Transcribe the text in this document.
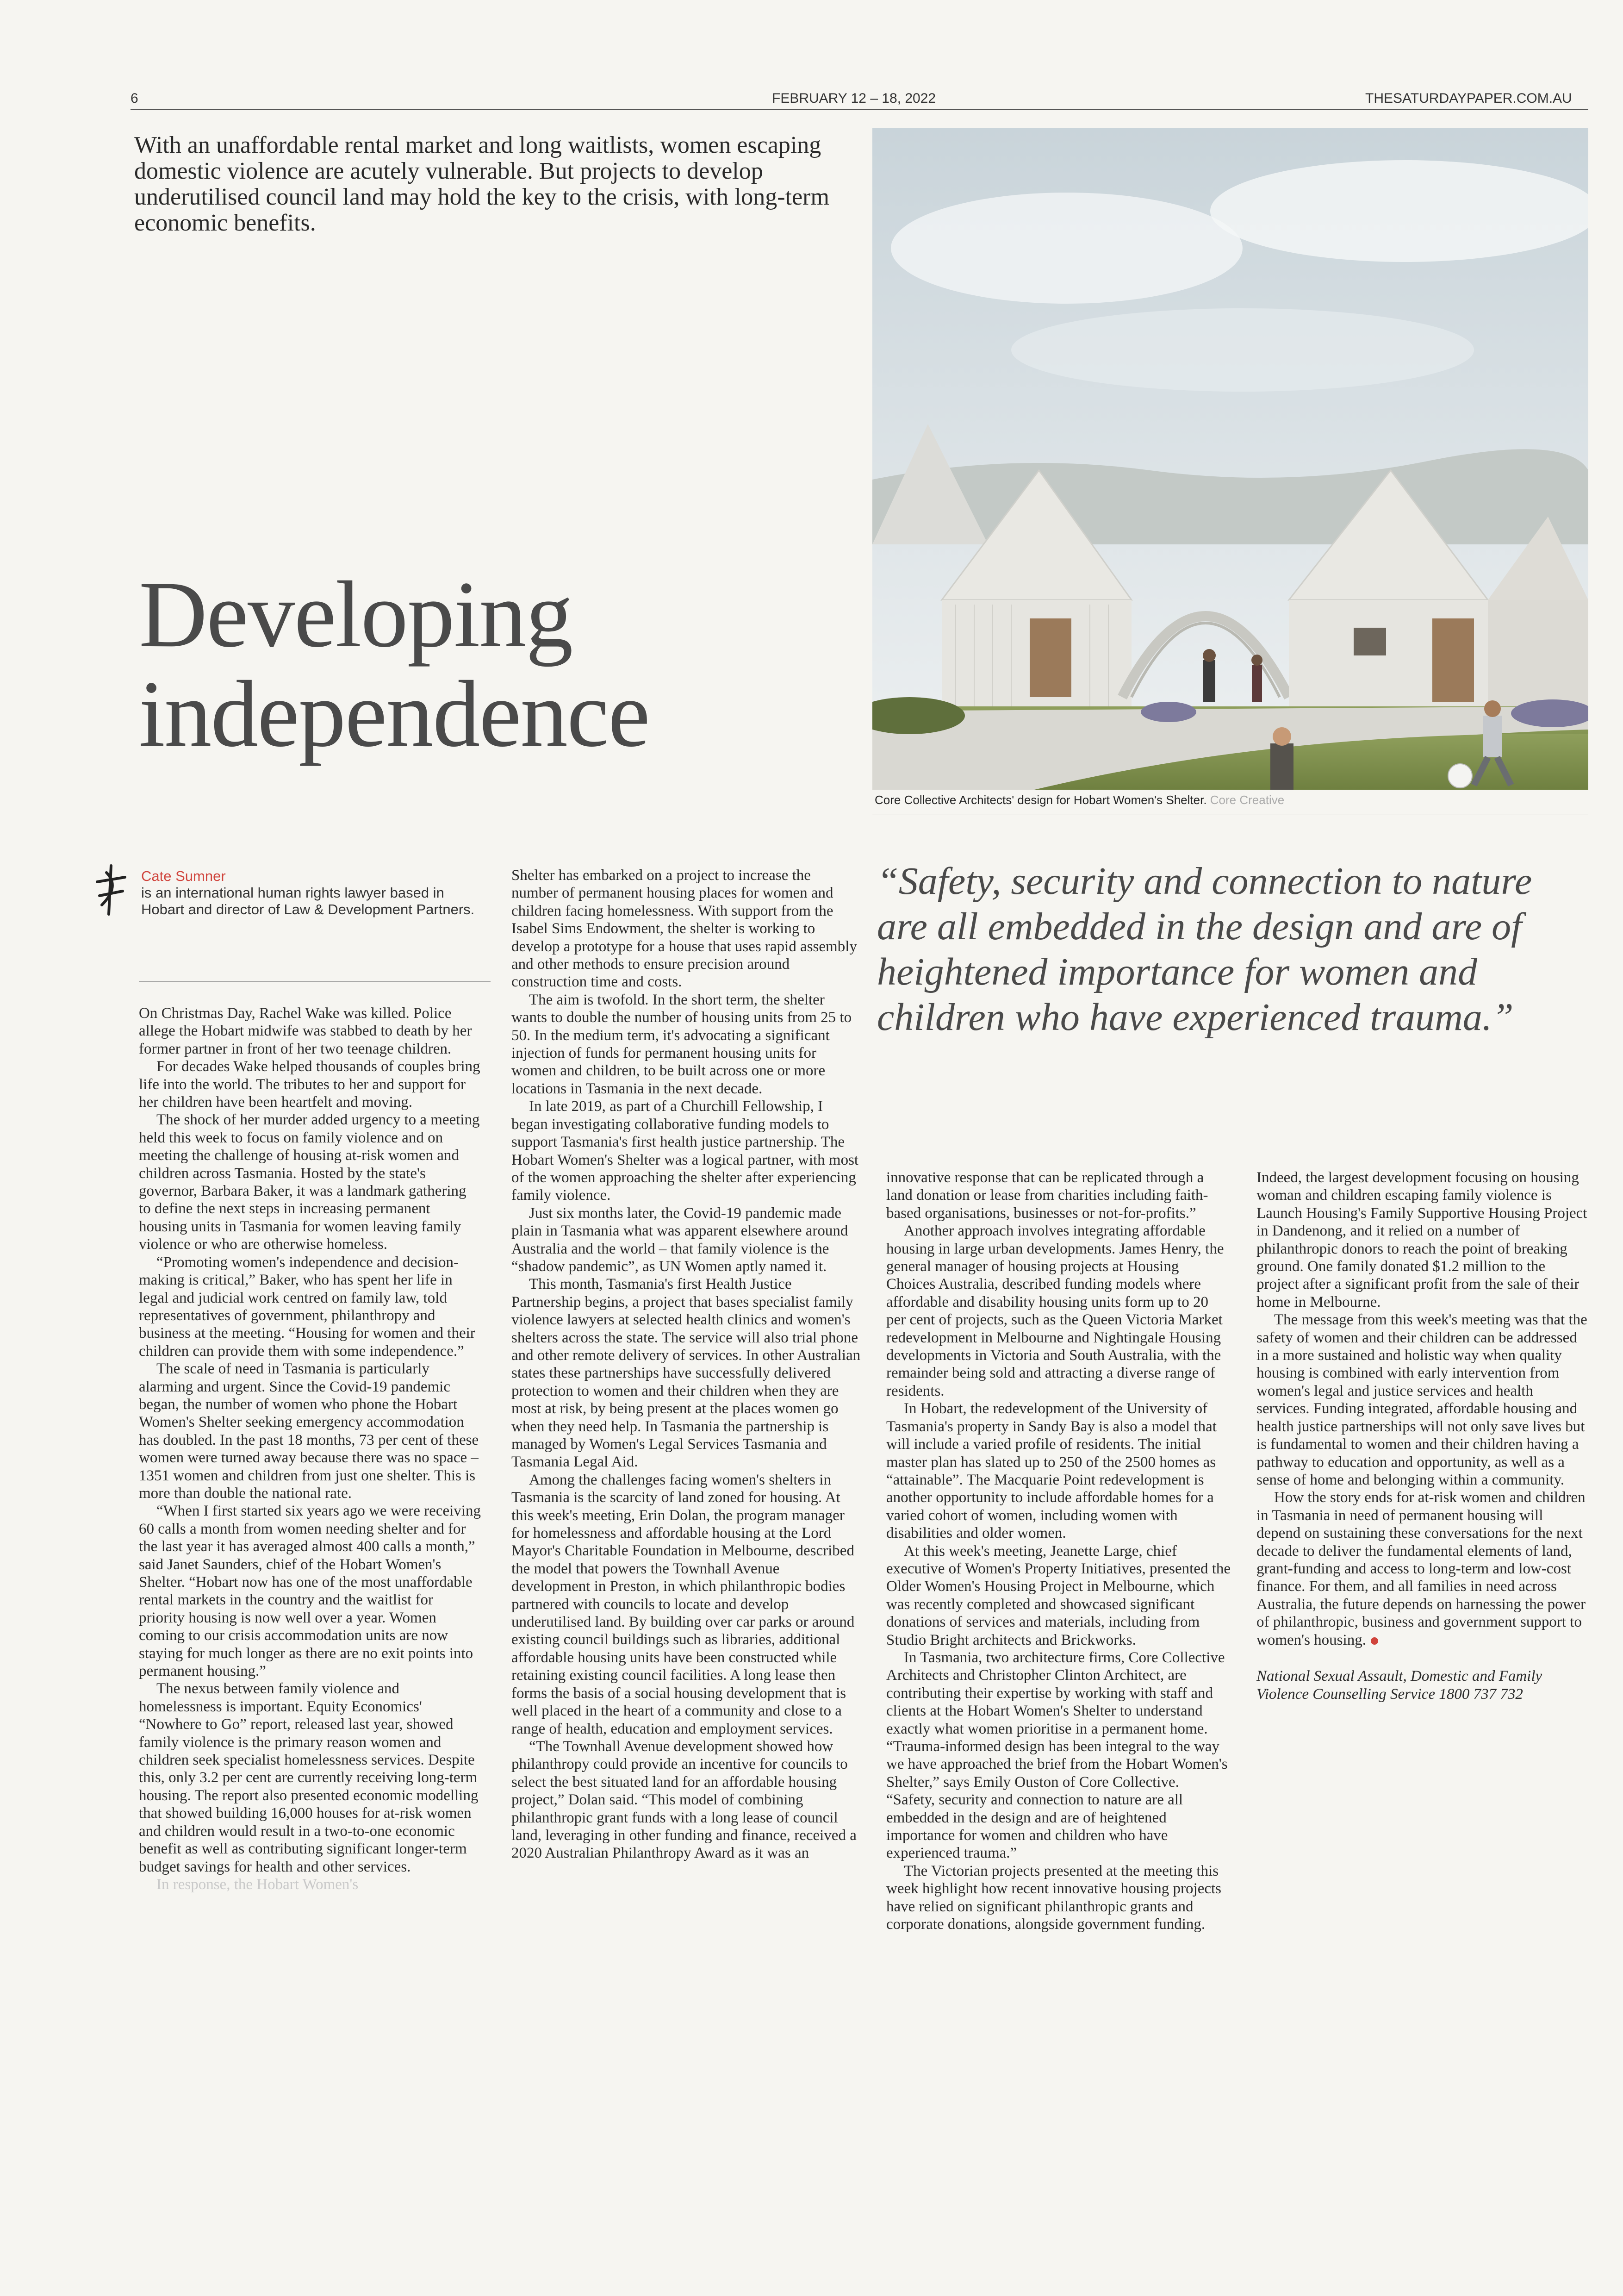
6	FEBRUARY 12 – 18, 2022	THESATURDAYPAPER.COM.AU
With an unaffordable rental market and long waitlists, women escaping domestic violence are acutely vulnerable. But projects to develop underutilised council land may hold the key to the crisis, with long-term economic benefits.
Developing
independence
Core Collective Architects' design for Hobart Women's Shelter. Core Creative
Cate Sumner
is an international human rights lawyer based in Hobart and director of Law & Development Partners.

On Christmas Day, Rachel Wake was killed. Police allege the Hobart midwife was stabbed to death by her former partner in front of her two teenage children.

For decades Wake helped thousands of couples bring life into the world. The tributes to her and support for her children have been heartfelt and moving.

The shock of her murder added urgency to a meeting held this week to focus on family violence and on meeting the challenge of housing at-risk women and children across Tasmania. Hosted by the state's governor, Barbara Baker, it was a landmark gathering to define the next steps in increasing permanent housing units in Tasmania for women leaving family violence or who are otherwise homeless.

“Promoting women's independence and decision-making is critical,” Baker, who has spent her life in legal and judicial work centred on family law, told representatives of government, philanthropy and business at the meeting. “Housing for women and their children can provide them with some independence.”

The scale of need in Tasmania is particularly alarming and urgent. Since the Covid-19 pandemic began, the number of women who phone the Hobart Women's Shelter seeking emergency accommodation has doubled. In the past 18 months, 73 per cent of these women were turned away because there was no space – 1351 women and children from just one shelter. This is more than double the national rate.

“When I first started six years ago we were receiving 60 calls a month from women needing shelter and for the last year it has averaged almost 400 calls a month,” said Janet Saunders, chief of the Hobart Women's Shelter. “Hobart now has one of the most unaffordable rental markets in the country and the waitlist for priority housing is now well over a year. Women coming to our crisis accommodation units are now staying for much longer as there are no exit points into permanent housing.”

The nexus between family violence and homelessness is important. Equity Economics' “Nowhere to Go” report, released last year, showed family violence is the primary reason women and children seek specialist homelessness services. Despite this, only 3.2 per cent are currently receiving long-term housing. The report also presented economic modelling that showed building 16,000 houses for at-risk women and children would result in a two-to-one economic benefit as well as contributing significant longer-term budget savings for health and other services.

In response, the Hobart Women's

Shelter has embarked on a project to increase the number of permanent housing places for women and children facing homelessness. With support from the Isabel Sims Endowment, the shelter is working to develop a prototype for a house that uses rapid assembly and other methods to ensure precision around construction time and costs.

The aim is twofold. In the short term, the shelter wants to double the number of housing units from 25 to 50. In the medium term, it's advocating a significant injection of funds for permanent housing units for women and children, to be built across one or more locations in Tasmania in the next decade.

In late 2019, as part of a Churchill Fellowship, I began investigating collaborative funding models to support Tasmania's first health justice partnership. The Hobart Women's Shelter was a logical partner, with most of the women approaching the shelter after experiencing family violence.

Just six months later, the Covid-19 pandemic made plain in Tasmania what was apparent elsewhere around Australia and the world – that family violence is the “shadow pandemic”, as UN Women aptly named it.

This month, Tasmania's first Health Justice Partnership begins, a project that bases specialist family violence lawyers at selected health clinics and women's shelters across the state. The service will also trial phone and other remote delivery of services. In other Australian states these partnerships have successfully delivered protection to women and their children when they are most at risk, by being present at the places women go when they need help. In Tasmania the partnership is managed by Women's Legal Services Tasmania and Tasmania Legal Aid.

Among the challenges facing women's shelters in Tasmania is the scarcity of land zoned for housing. At this week's meeting, Erin Dolan, the program manager for homelessness and affordable housing at the Lord Mayor's Charitable Foundation in Melbourne, described the model that powers the Townhall Avenue development in Preston, in which philanthropic bodies partnered with councils to locate and develop underutilised land. By building over car parks or around existing council buildings such as libraries, additional affordable housing units have been constructed while retaining existing council facilities. A long lease then forms the basis of a social housing development that is well placed in the heart of a community and close to a range of health, education and employment services.

“The Townhall Avenue development showed how philanthropy could provide an incentive for councils to select the best situated land for an affordable housing project,” Dolan said. “This model of combining philanthropic grant funds with a long lease of council land, leveraging in other funding and finance, received a 2020 Australian Philanthropy Award as it was an

“Safety, security and connection to nature are all embedded in the design and are of heightened importance for women and children who have experienced trauma.”

innovative response that can be replicated through a land donation or lease from charities including faith-based organisations, businesses or not-for-profits.”

Another approach involves integrating affordable housing in large urban developments. James Henry, the general manager of housing projects at Housing Choices Australia, described funding models where affordable and disability housing units form up to 20 per cent of projects, such as the Queen Victoria Market redevelopment in Melbourne and Nightingale Housing developments in Victoria and South Australia, with the remainder being sold and attracting a diverse range of residents.

In Hobart, the redevelopment of the University of Tasmania's property in Sandy Bay is also a model that will include a varied profile of residents. The initial master plan has slated up to 250 of the 2500 homes as “attainable”. The Macquarie Point redevelopment is another opportunity to include affordable homes for a varied cohort of women, including women with disabilities and older women.

At this week's meeting, Jeanette Large, chief executive of Women's Property Initiatives, presented the Older Women's Housing Project in Melbourne, which was recently completed and showcased significant donations of services and materials, including from Studio Bright architects and Brickworks.

In Tasmania, two architecture firms, Core Collective Architects and Christopher Clinton Architect, are contributing their expertise by working with staff and clients at the Hobart Women's Shelter to understand exactly what women prioritise in a permanent home. “Trauma-informed design has been integral to the way we have approached the brief from the Hobart Women's Shelter,” says Emily Ouston of Core Collective. “Safety, security and connection to nature are all embedded in the design and are of heightened importance for women and children who have experienced trauma.”

The Victorian projects presented at the meeting this week highlight how recent innovative housing projects have relied on significant philanthropic grants and corporate donations, alongside government funding.

Indeed, the largest development focusing on housing woman and children escaping family violence is Launch Housing's Family Supportive Housing Project in Dandenong, and it relied on a number of philanthropic donors to reach the point of breaking ground. One family donated $1.2 million to the project after a significant profit from the sale of their home in Melbourne.

The message from this week's meeting was that the safety of women and their children can be addressed in a more sustained and holistic way when quality housing is combined with early intervention from women's legal and justice services and health services. Funding integrated, affordable housing and health justice partnerships will not only save lives but is fundamental to women and their children having a pathway to education and opportunity, as well as a sense of home and belonging within a community.

How the story ends for at-risk women and children in Tasmania in need of permanent housing will depend on sustaining these conversations for the next decade to deliver the fundamental elements of land, grant-funding and access to long-term and low-cost finance. For them, and all families in need across Australia, the future depends on harnessing the power of philanthropic, business and government support to women's housing.

National Sexual Assault, Domestic and Family Violence Counselling Service 1800 737 732
